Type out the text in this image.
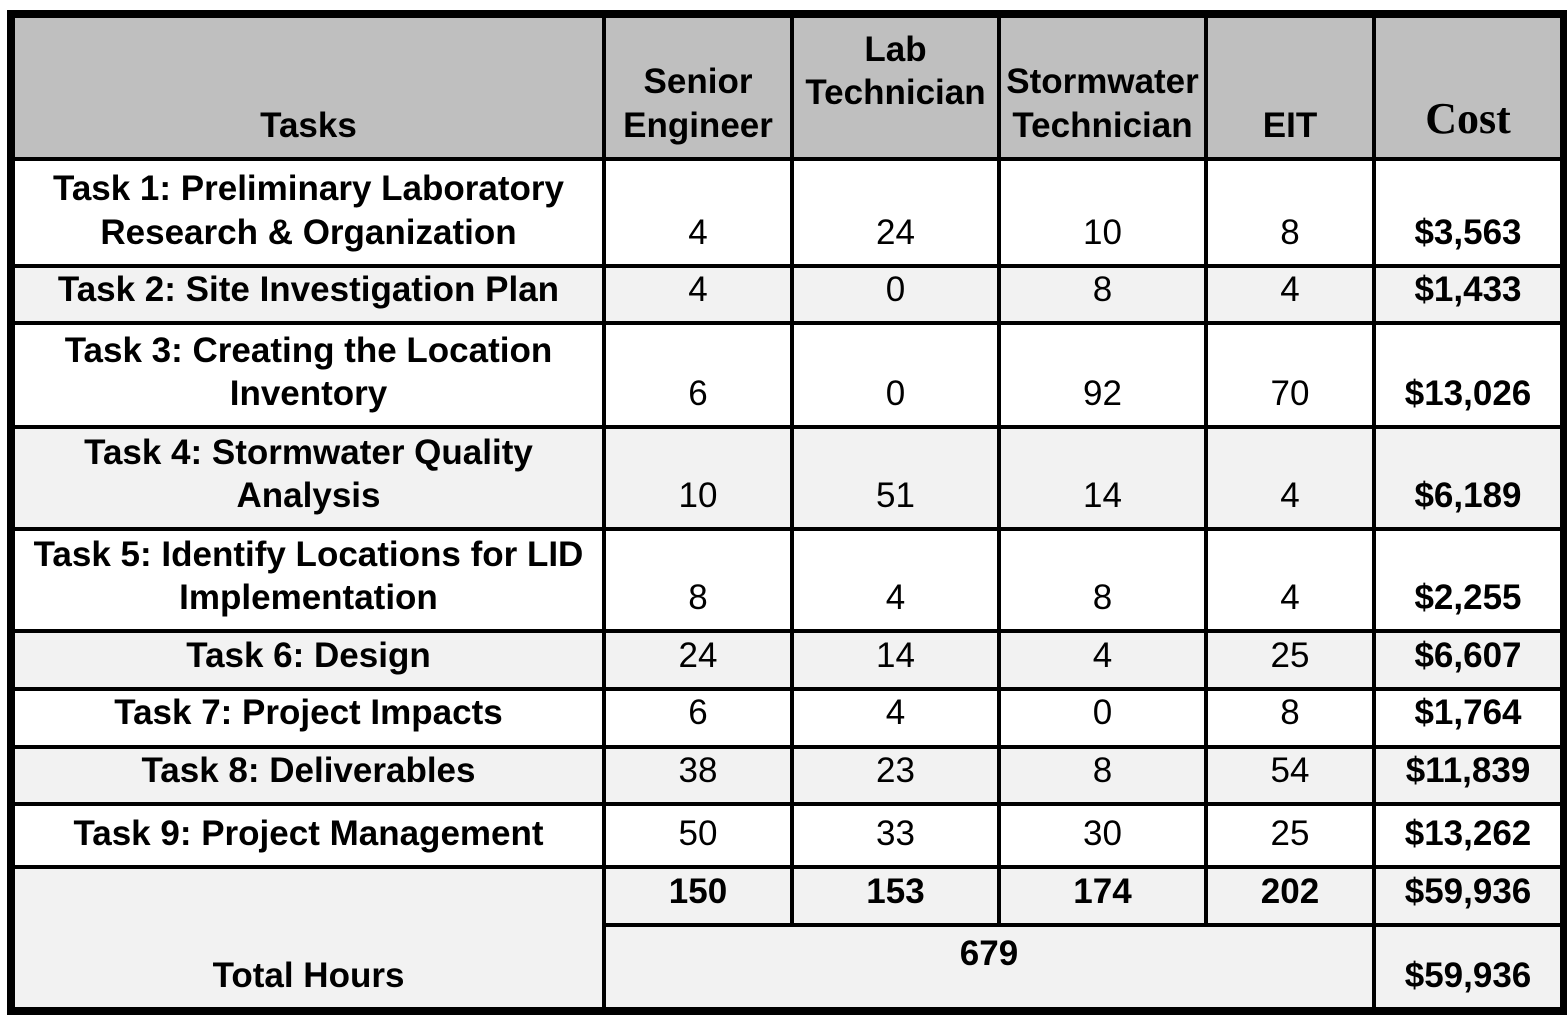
Tasks	Senior Engineer	Lab Technician	Stormwater Technician	EIT	Cost
Task 1: Preliminary Laboratory Research & Organization	4	24	10	8	$3,563
Task 2: Site Investigation Plan	4	0	8	4	$1,433
Task 3: Creating the Location Inventory	6	0	92	70	$13,026
Task 4: Stormwater Quality Analysis	10	51	14	4	$6,189
Task 5: Identify Locations for LID Implementation	8	4	8	4	$2,255
Task 6: Design	24	14	4	25	$6,607
Task 7: Project Impacts	6	4	0	8	$1,764
Task 8: Deliverables	38	23	8	54	$11,839
Task 9: Project Management	50	33	30	25	$13,262
Total Hours	150	153	174	202	$59,936
	679				$59,936
